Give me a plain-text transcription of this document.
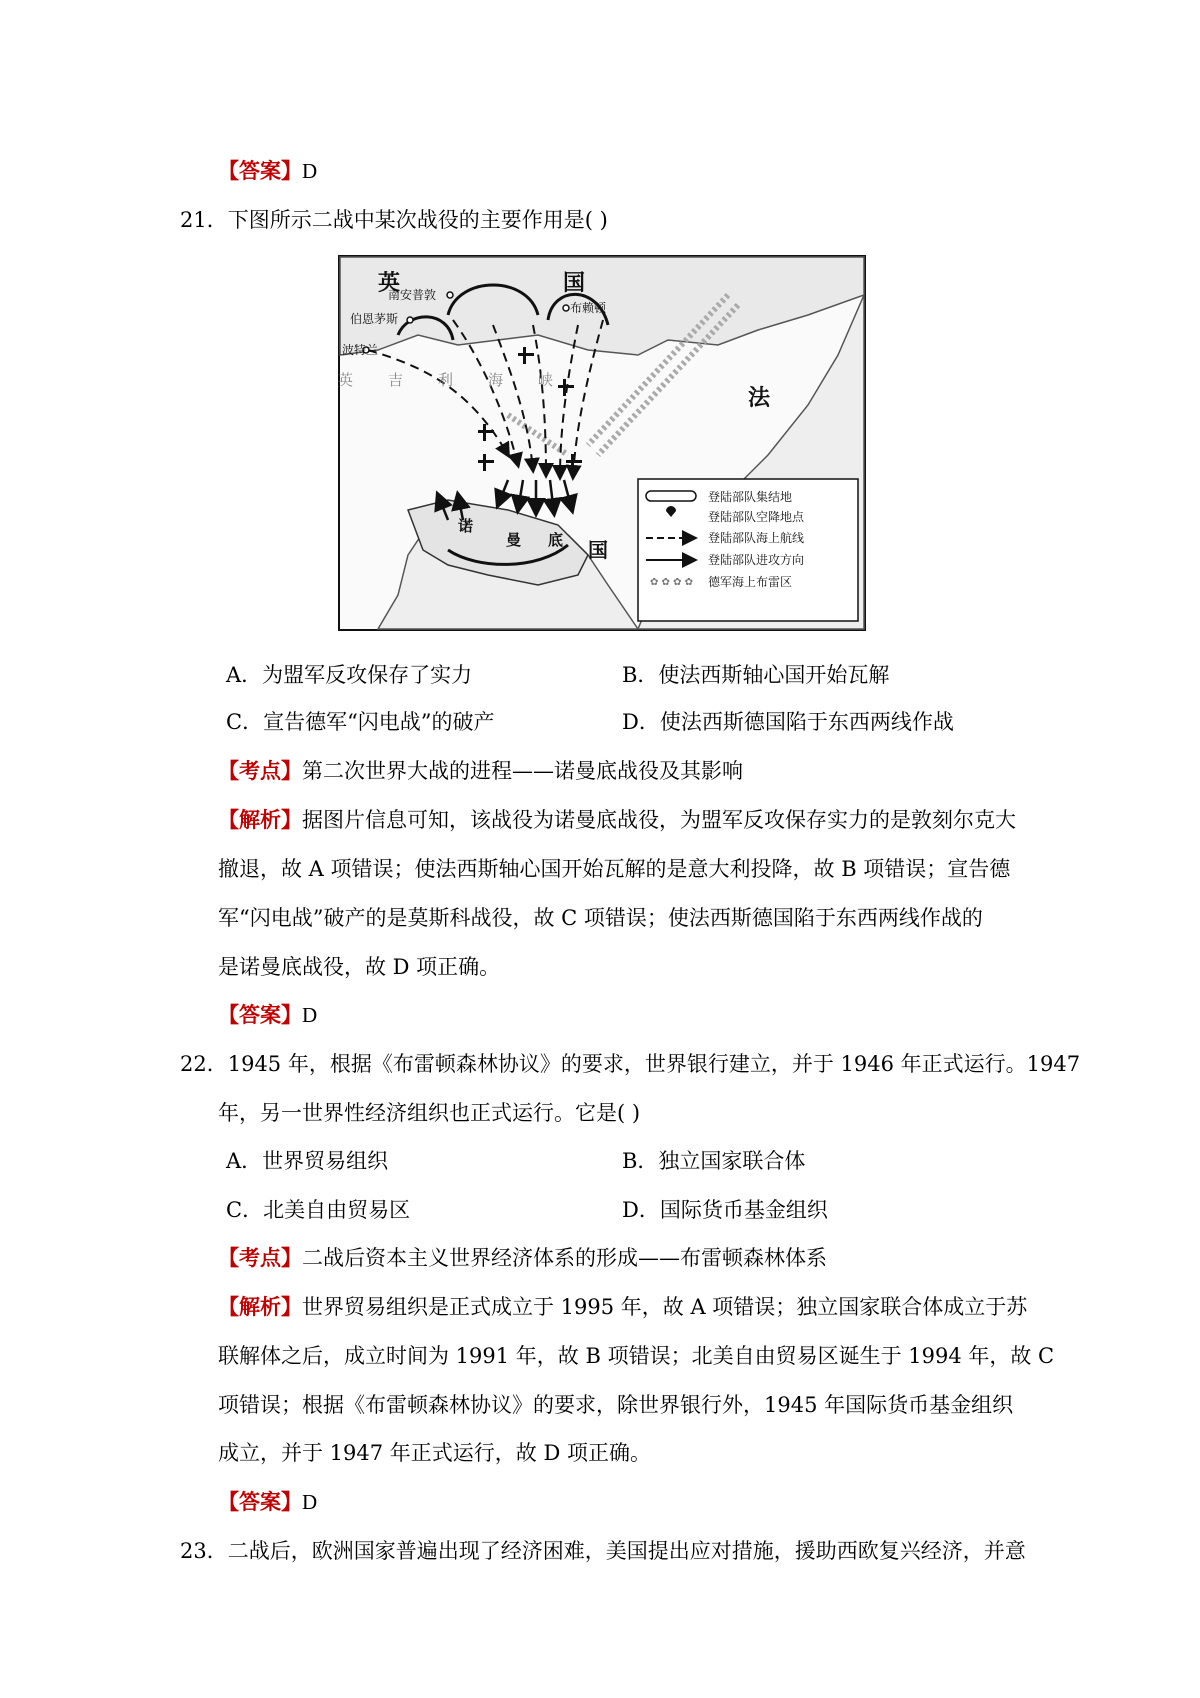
【答案】D
21．下图所示二战中某次战役的主要作用是( )
英	国
法
国
南安普敦
伯恩茅斯
波特兰
布赖顿
英 吉 利 海 峡
诺
曼 底
✿ ✿ ✿ ✿
登陆部队集结地
登陆部队空降地点
登陆部队海上航线
登陆部队进攻方向
德军海上布雷区
A．为盟军反攻保存了实力	B．使法西斯轴心国开始瓦解
C．宣告德军“闪电战”的破产	D．使法西斯德国陷于东西两线作战
【考点】第二次世界大战的进程——诺曼底战役及其影响
【解析】据图片信息可知，该战役为诺曼底战役，为盟军反攻保存实力的是敦刻尔克大
撤退，故 A 项错误；使法西斯轴心国开始瓦解的是意大利投降，故 B 项错误；宣告德
军“闪电战”破产的是莫斯科战役，故 C 项错误；使法西斯德国陷于东西两线作战的
是诺曼底战役，故 D 项正确。
【答案】D
22．1945 年，根据《布雷顿森林协议》的要求，世界银行建立，并于 1946 年正式运行。1947
年，另一世界性经济组织也正式运行。它是( )
A．世界贸易组织	B．独立国家联合体
C．北美自由贸易区	D．国际货币基金组织
【考点】二战后资本主义世界经济体系的形成——布雷顿森林体系
【解析】世界贸易组织是正式成立于 1995 年，故 A 项错误；独立国家联合体成立于苏
联解体之后，成立时间为 1991 年，故 B 项错误；北美自由贸易区诞生于 1994 年，故 C
项错误；根据《布雷顿森林协议》的要求，除世界银行外，1945 年国际货币基金组织
成立，并于 1947 年正式运行，故 D 项正确。
【答案】D
23．二战后，欧洲国家普遍出现了经济困难，美国提出应对措施，援助西欧复兴经济，并意
